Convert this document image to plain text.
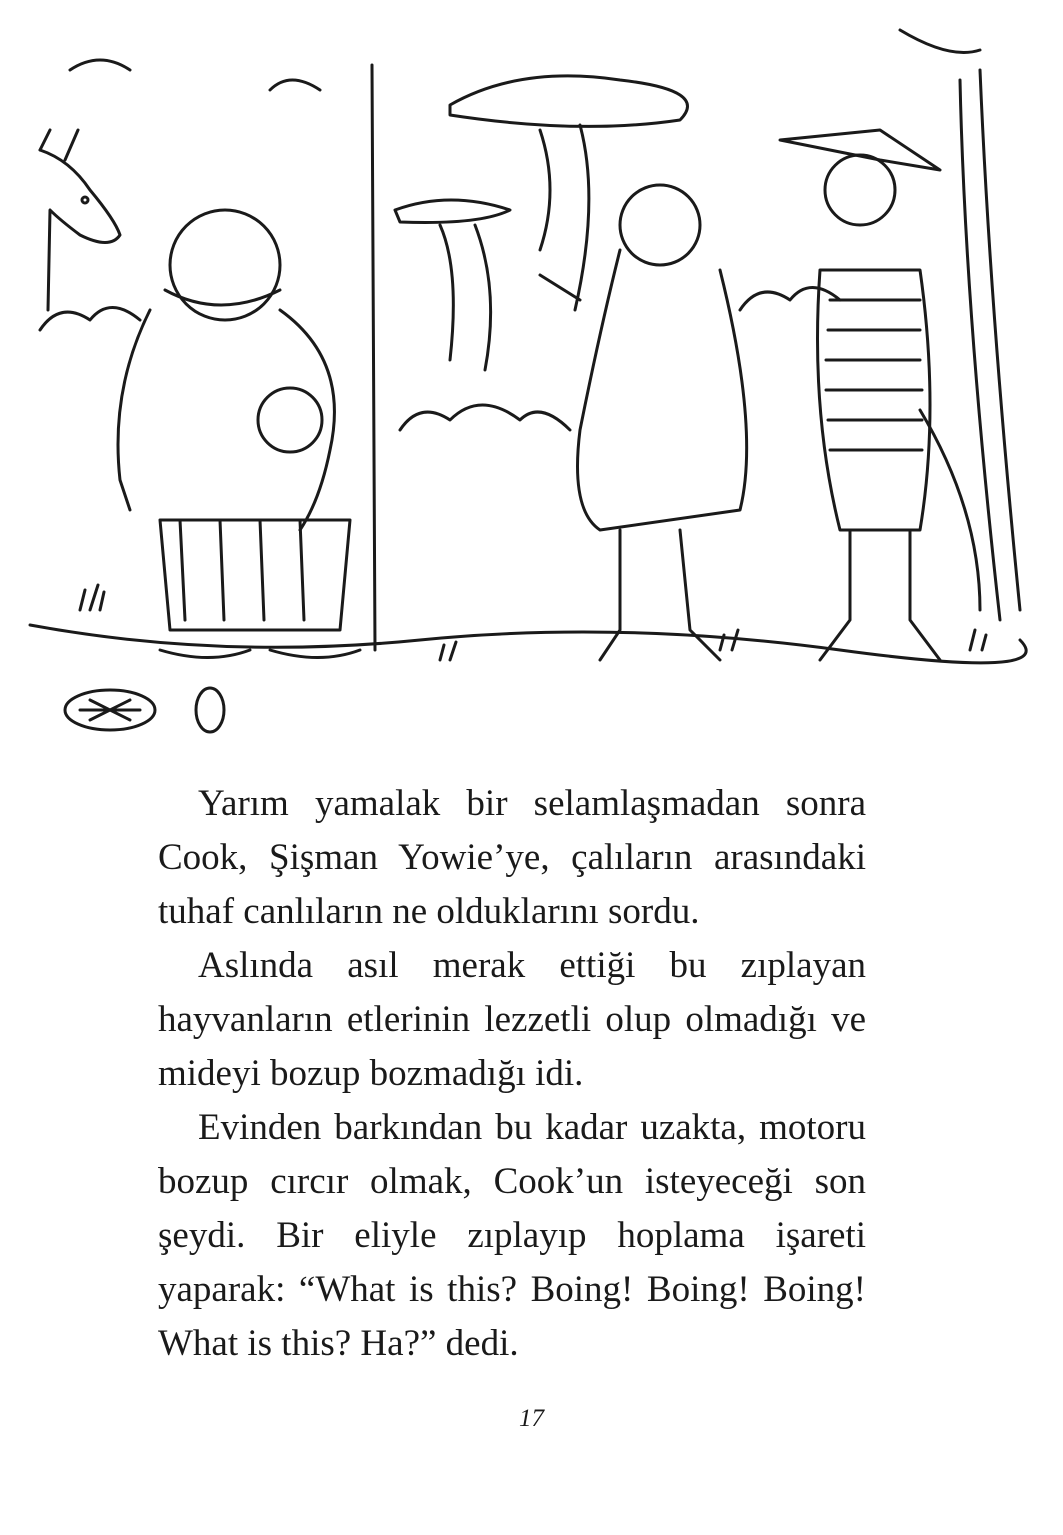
Yarım yamalak bir selamlaşmadan sonra Cook, Şişman Yowie’ye, çalıların arasındaki tuhaf canlıların ne olduklarını sordu.

Aslında asıl merak ettiği bu zıplayan hayvanların etlerinin lezzetli olup olmadığı ve mideyi bozup bozmadığı idi.

Evinden barkından bu kadar uzakta, motoru bozup cırcır olmak, Cook’un isteyeceği son şeydi. Bir eliyle zıplayıp hoplama işareti yaparak: “What is this? Boing! Boing! Boing! What is this? Ha?” dedi.

17
